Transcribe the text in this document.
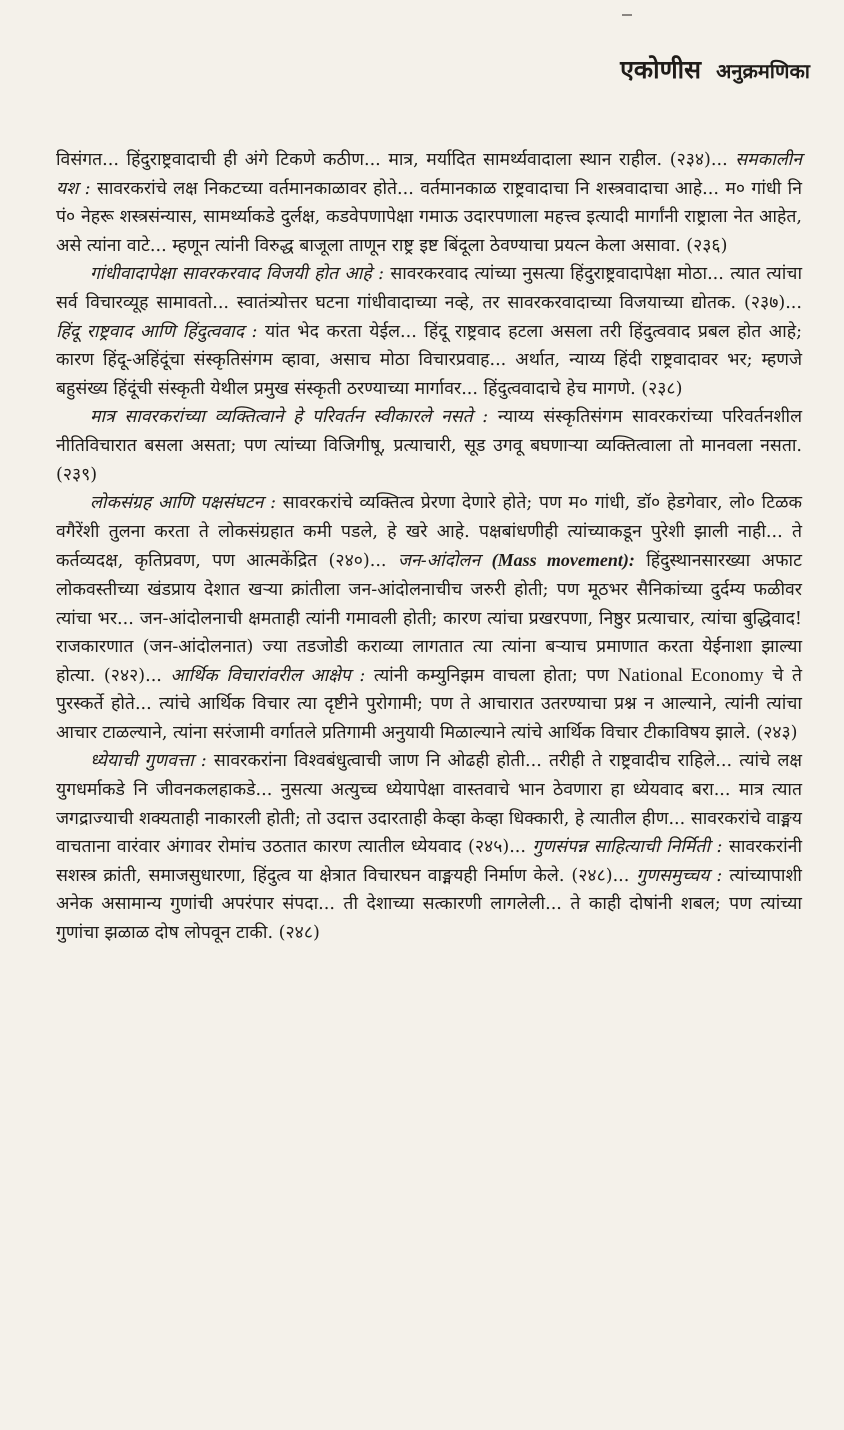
एकोणीस अनुक्रमणिका

विसंगत... हिंदुराष्ट्रवादाची ही अंगे टिकणे कठीण... मात्र, मर्यादित सामर्थ्यवादाला स्थान राहील. (२३४)... समकालीन यश : सावरकरांचे लक्ष निकटच्या वर्तमानकाळावर होते... वर्तमानकाळ राष्ट्रवादाचा नि शस्त्रवादाचा आहे... म० गांधी नि पं० नेहरू शस्त्रसंन्यास, सामर्थ्याकडे दुर्लक्ष, कडवेपणापेक्षा गमाऊ उदारपणाला महत्त्व इत्यादी मार्गांनी राष्ट्राला नेत आहेत, असे त्यांना वाटे... म्हणून त्यांनी विरुद्ध बाजूला ताणून राष्ट्र इष्ट बिंदूला ठेवण्याचा प्रयत्न केला असावा. (२३६)

गांधीवादापेक्षा सावरकरवाद विजयी होत आहे : सावरकरवाद त्यांच्या नुसत्या हिंदुराष्ट्रवादापेक्षा मोठा... त्यात त्यांचा सर्व विचारव्यूह सामावतो... स्वातंत्र्योत्तर घटना गांधीवादाच्या नव्हे, तर सावरकरवादाच्या विजयाच्या द्योतक. (२३७)... हिंदू राष्ट्रवाद आणि हिंदुत्ववाद : यांत भेद करता येईल... हिंदू राष्ट्रवाद हटला असला तरी हिंदुत्ववाद प्रबल होत आहे; कारण हिंदू-अहिंदूंचा संस्कृतिसंगम व्हावा, असाच मोठा विचारप्रवाह... अर्थात, न्याय्य हिंदी राष्ट्रवादावर भर; म्हणजे बहुसंख्य हिंदूंची संस्कृती येथील प्रमुख संस्कृती ठरण्याच्या मार्गावर... हिंदुत्ववादाचे हेच मागणे. (२३८)

मात्र सावरकरांच्या व्यक्तित्वाने हे परिवर्तन स्वीकारले नसते : न्याय्य संस्कृतिसंगम सावरकरांच्या परिवर्तनशील नीतिविचारात बसला असता; पण त्यांच्या विजिगीषू, प्रत्याचारी, सूड उगवू बघणाऱ्या व्यक्तित्वाला तो मानवला नसता. (२३९)

लोकसंग्रह आणि पक्षसंघटन : सावरकरांचे व्यक्तित्व प्रेरणा देणारे होते; पण म० गांधी, डॉ० हेडगेवार, लो० टिळक वगैरेंशी तुलना करता ते लोकसंग्रहात कमी पडले, हे खरे आहे. पक्षबांधणीही त्यांच्याकडून पुरेशी झाली नाही... ते कर्तव्यदक्ष, कृतिप्रवण, पण आत्मकेंद्रित (२४०)... जन-आंदोलन (Mass movement): हिंदुस्थानसारख्या अफाट लोकवस्तीच्या खंडप्राय देशात खऱ्या क्रांतीला जन-आंदोलनाचीच जरुरी होती; पण मूठभर सैनिकांच्या दुर्दम्य फळीवर त्यांचा भर... जन-आंदोलनाची क्षमताही त्यांनी गमावली होती; कारण त्यांचा प्रखरपणा, निष्ठुर प्रत्याचार, त्यांचा बुद्धिवाद! राजकारणात (जन-आंदोलनात) ज्या तडजोडी कराव्या लागतात त्या त्यांना बऱ्याच प्रमाणात करता येईनाशा झाल्या होत्या. (२४२)... आर्थिक विचारांवरील आक्षेप : त्यांनी कम्युनिझम वाचला होता; पण National Economy चे ते पुरस्कर्ते होते... त्यांचे आर्थिक विचार त्या दृष्टीने पुरोगामी; पण ते आचारात उतरण्याचा प्रश्न न आल्याने, त्यांनी त्यांचा आचार टाळल्याने, त्यांना सरंजामी वर्गातले प्रतिगामी अनुयायी मिळाल्याने त्यांचे आर्थिक विचार टीकाविषय झाले. (२४३)

ध्येयाची गुणवत्ता : सावरकरांना विश्वबंधुत्वाची जाण नि ओढही होती... तरीही ते राष्ट्रवादीच राहिले... त्यांचे लक्ष युगधर्माकडे नि जीवनकलहाकडे... नुसत्या अत्युच्च ध्येयापेक्षा वास्तवाचे भान ठेवणारा हा ध्येयवाद बरा... मात्र त्यात जगद्राज्याची शक्यताही नाकारली होती; तो उदात्त उदारताही केव्हा केव्हा धिक्कारी, हे त्यातील हीण... सावरकरांचे वाङ्मय वाचताना वारंवार अंगावर रोमांच उठतात कारण त्यातील ध्येयवाद (२४५)... गुणसंपन्न साहित्याची निर्मिती : सावरकरांनी सशस्त्र क्रांती, समाजसुधारणा, हिंदुत्व या क्षेत्रात विचारघन वाङ्मयही निर्माण केले. (२४८)... गुणसमुच्चय : त्यांच्यापाशी अनेक असामान्य गुणांची अपरंपार संपदा... ती देशाच्या सत्कारणी लागलेली... ते काही दोषांनी शबल; पण त्यांच्या गुणांचा झळाळ दोष लोपवून टाकी. (२४८)
